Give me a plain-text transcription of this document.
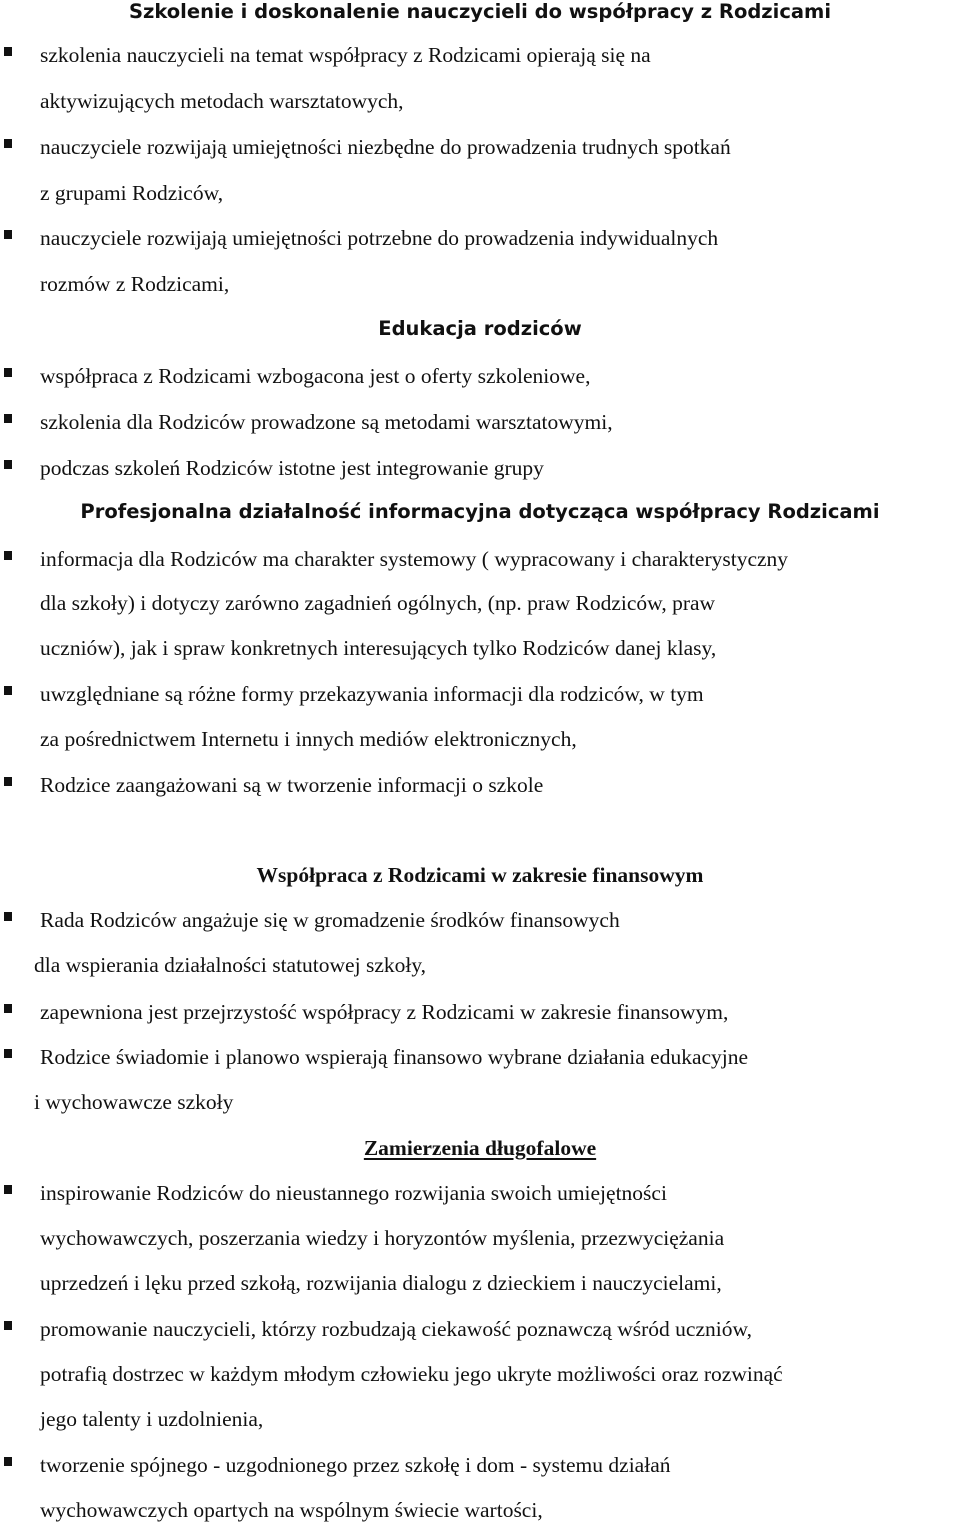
Szkolenie i doskonalenie nauczycieli do współpracy z Rodzicami
szkolenia nauczycieli na temat współpracy z Rodzicami opierają się na
aktywizujących metodach warsztatowych,
nauczyciele rozwijają umiejętności niezbędne do prowadzenia trudnych spotkań
z grupami Rodziców,
nauczyciele rozwijają umiejętności potrzebne do prowadzenia indywidualnych
rozmów z Rodzicami,
Edukacja rodziców
współpraca z Rodzicami wzbogacona jest o oferty szkoleniowe,
szkolenia dla Rodziców prowadzone są metodami warsztatowymi,
podczas szkoleń Rodziców istotne jest integrowanie grupy
Profesjonalna działalność informacyjna dotycząca współpracy Rodzicami
informacja dla Rodziców ma charakter systemowy ( wypracowany i charakterystyczny
dla szkoły) i dotyczy zarówno zagadnień ogólnych, (np. praw Rodziców, praw
uczniów), jak i spraw konkretnych interesujących tylko Rodziców danej klasy,
uwzględniane są różne formy przekazywania informacji dla rodziców, w tym
za pośrednictwem Internetu i innych mediów elektronicznych,
Rodzice zaangażowani są w tworzenie informacji o szkole
Współpraca z Rodzicami w zakresie finansowym
Rada Rodziców angażuje się w gromadzenie środków finansowych
dla wspierania działalności statutowej szkoły,
zapewniona jest przejrzystość współpracy z Rodzicami w zakresie finansowym,
Rodzice świadomie i planowo wspierają finansowo wybrane działania edukacyjne
i wychowawcze szkoły
Zamierzenia długofalowe
inspirowanie Rodziców do nieustannego rozwijania swoich umiejętności
wychowawczych, poszerzania wiedzy i horyzontów myślenia, przezwyciężania
uprzedzeń i lęku przed szkołą, rozwijania dialogu z dzieckiem i nauczycielami,
promowanie nauczycieli, którzy rozbudzają ciekawość poznawczą wśród uczniów,
potrafią dostrzec w każdym młodym człowieku jego ukryte możliwości oraz rozwinąć
jego talenty i uzdolnienia,
tworzenie spójnego - uzgodnionego przez szkołę i dom - systemu działań
wychowawczych opartych na wspólnym świecie wartości,
